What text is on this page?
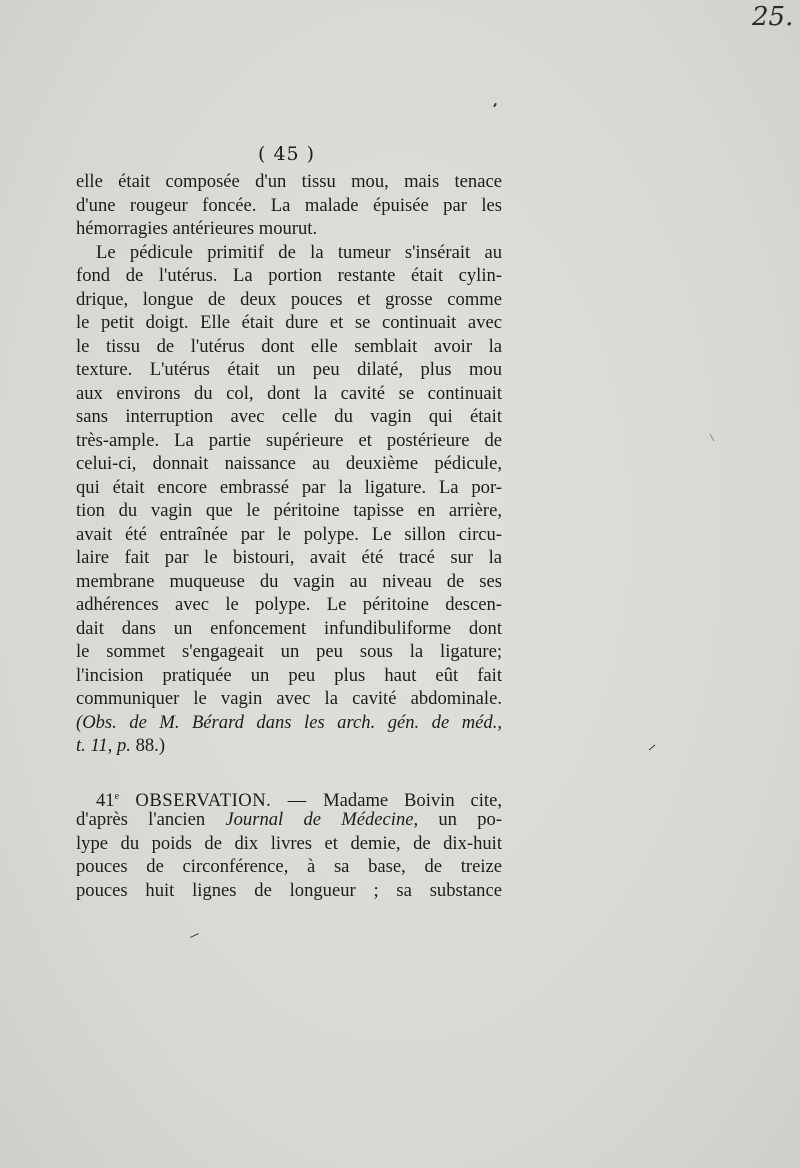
25.
( 45 )
elle était composée d'un tissu mou, mais tenace
d'une rougeur foncée. La malade épuisée par les
hémorragies antérieures mourut.
Le pédicule primitif de la tumeur s'insérait au
fond de l'utérus. La portion restante était cylin-
drique, longue de deux pouces et grosse comme
le petit doigt. Elle était dure et se continuait avec
le tissu de l'utérus dont elle semblait avoir la
texture. L'utérus était un peu dilaté, plus mou
aux environs du col, dont la cavité se continuait
sans interruption avec celle du vagin qui était
très-ample. La partie supérieure et postérieure de
celui-ci, donnait naissance au deuxième pédicule,
qui était encore embrassé par la ligature. La por-
tion du vagin que le péritoine tapisse en arrière,
avait été entraînée par le polype. Le sillon circu-
laire fait par le bistouri, avait été tracé sur la
membrane muqueuse du vagin au niveau de ses
adhérences avec le polype. Le péritoine descen-
dait dans un enfoncement infundibuliforme dont
le sommet s'engageait un peu sous la ligature;
l'incision pratiquée un peu plus haut eût fait
communiquer le vagin avec la cavité abdominale.
(Obs. de M. Bérard dans les arch. gén. de méd.,
t. 11, p. 88.)
41e OBSERVATION. — Madame Boivin cite,
d'après l'ancien Journal de Médecine, un po-
lype du poids de dix livres et demie, de dix-huit
pouces de circonférence, à sa base, de treize
pouces huit lignes de longueur ; sa substance
